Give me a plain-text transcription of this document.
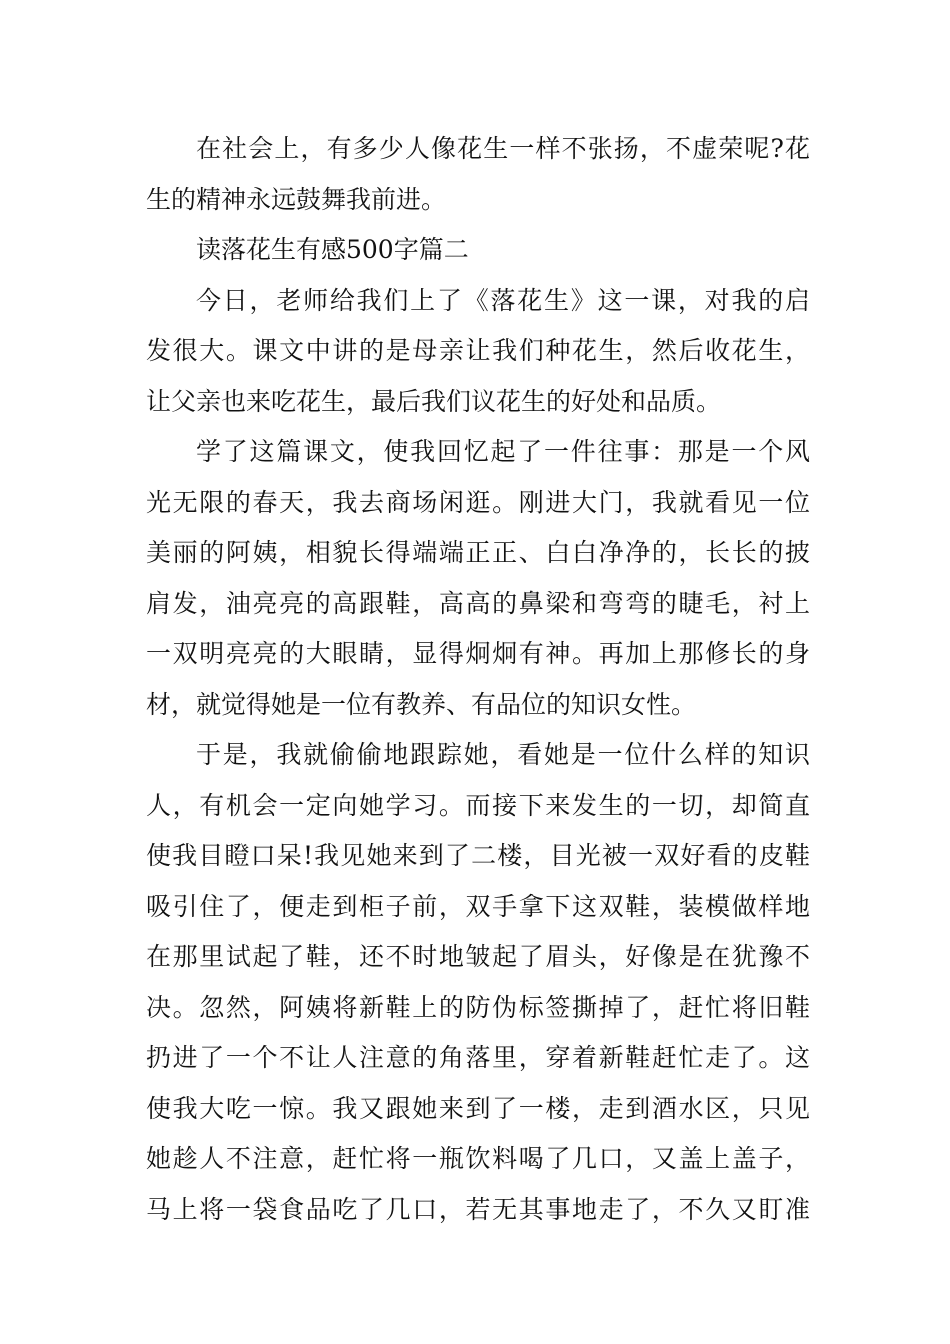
在社会上，有多少人像花生一样不张扬，不虚荣呢?花
生的精神永远鼓舞我前进。
读落花生有感500字篇二
今日，老师给我们上了《落花生》这一课，对我的启
发很大。课文中讲的是母亲让我们种花生，然后收花生，
让父亲也来吃花生，最后我们议花生的好处和品质。
学了这篇课文，使我回忆起了一件往事：那是一个风
光无限的春天，我去商场闲逛。刚进大门，我就看见一位
美丽的阿姨，相貌长得端端正正、白白净净的，长长的披
肩发，油亮亮的高跟鞋，高高的鼻梁和弯弯的睫毛，衬上
一双明亮亮的大眼睛，显得炯炯有神。再加上那修长的身
材，就觉得她是一位有教养、有品位的知识女性。
于是，我就偷偷地跟踪她，看她是一位什么样的知识
人，有机会一定向她学习。而接下来发生的一切，却简直
使我目瞪口呆!我见她来到了二楼，目光被一双好看的皮鞋
吸引住了，便走到柜子前，双手拿下这双鞋，装模做样地
在那里试起了鞋，还不时地皱起了眉头，好像是在犹豫不
决。忽然，阿姨将新鞋上的防伪标签撕掉了，赶忙将旧鞋
扔进了一个不让人注意的角落里，穿着新鞋赶忙走了。这
使我大吃一惊。我又跟她来到了一楼，走到酒水区，只见
她趁人不注意，赶忙将一瓶饮料喝了几口，又盖上盖子，
马上将一袋食品吃了几口，若无其事地走了，不久又盯准
